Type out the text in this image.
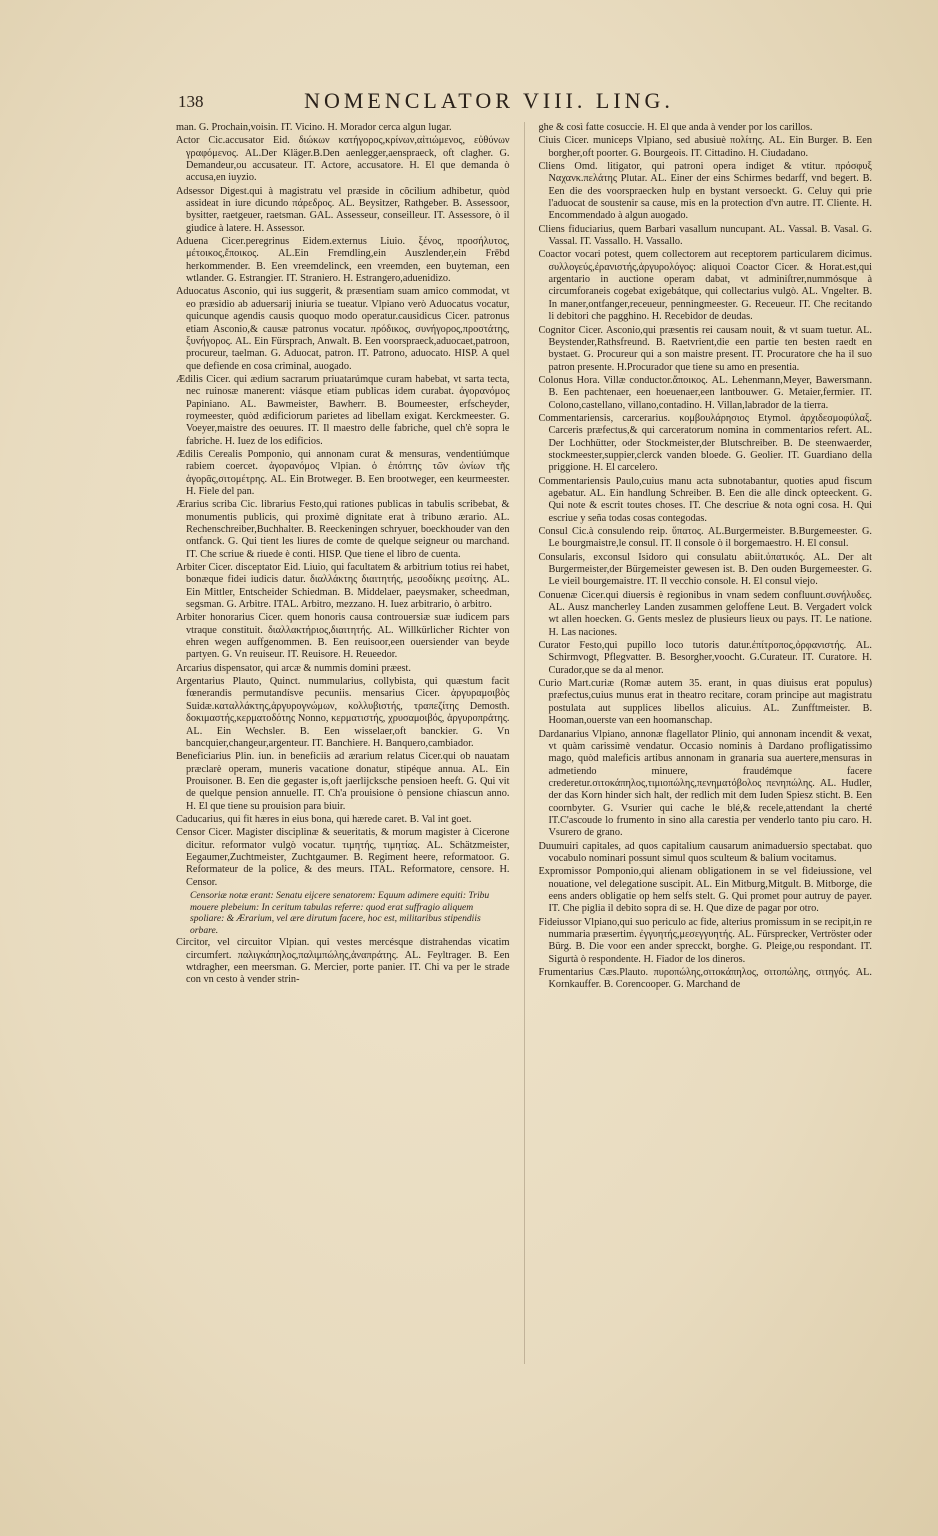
138	NOMENCLATOR VIII. LING.

man. G. Prochain,voisin. IT. Vicino. H. Morador cerca algun lugar.

Actor Cic.accusator Eid. διώκων κατήγορος,κρίνων,αἰτιώμενος, εὐθύνων γραφόμενος. AL.Der Kläger.B.Den aenlegger,aensprae​ck, oft clagher. G. Demandeur,ou accusateur. IT. Actore, accusatore. H. El que demanda ò accusa,en iuyzio.

Adsessor Digest.qui à magistratu vel præside in cõcilium adhibetur, quòd assideat in iure dicundo πάρεδρος. AL. Beysitzer, Rathgeber. B. Assessoor, bysitter, raetgeuer, raetsman. GAL. Assesseur, conseilleur. IT. Assessore, ò il giudice à latere. H. Assessor.

Aduena Cicer.peregrinus Eidem.externus Liuio. ξένος, προσήλυτος, μέτοικος,ἔποικος. AL.Ein Fremdling,ein Auszlender,ein Frēbd herkommender. B. Een vreemdelinck, een vreemden, een buyteman, een wtlander. G. Estrangier. IT. Straniero. H. Estrangero,aduenidizo.

Aduocatus Asconio, qui ius suggerit, & præsentiam suam amico commodat, vt eo præsidio ab aduersarij iniuria se tueatur. Vlpiano verò Aduocatus vocatur, quicunque agendis causis quoquo modo operatur.causidicus Cicer. patronus etiam Asconio,& causæ patronus vocatur. πρόδικος, συνήγορος,προστάτης, ξυνήγορος. AL. Ein Fürsprach, Anwalt. B. Een voorspraeck,aduocaet,patroon, procureur, taelman. G. Aduocat, patron. IT. Patrono, aduocato. HISP. A quel que defiende en cosa criminal, auogado.

Ædilis Cicer. qui ædium sacrarum priuatarúmque curam habebat, vt sarta tecta, nec ruinosæ manerent: viásque etiam publicas idem curabat. ἀγορανόμος Papiniano. AL. Bawmeister, Bawherr. B. Boumeester, erfscheyder, roymeester, quòd ædificiorum parietes ad libellam exigat. Kerckmeester. G. Voeyer,maistre des oeuures. IT. Il maestro delle fabriche, quel ch'è sopra le fabriche. H. Iuez de los edificios.

Ædilis Cerealis Pomponio, qui annonam curat & mensuras, vendentiúmque rabiem coercet. ἀγορανόμος Vlpian. ὁ ἐπόπτης τῶν ὠνίων τῆς ἀγορᾶς,σιτομέτρης. AL. Ein Brotweger. B. Een brootweger, een keurmeester. H. Fiele del pan.

Ærarius scriba Cic. librarius Festo,qui rationes publicas in tabulis scribebat, & monumentis publicis, qui proximè dignitate erat à tribuno ærario. AL. Rechenschreiber,Buchhalter. B. Reeckeningen schryuer, boeckhouder van den ontfanck. G. Qui tient les liures de comte de quelque seigneur ou marchand. IT. Che scriue & riuede è conti. HISP. Que tiene el libro de cuenta.

Arbiter Cicer. disceptator Eid. Liuio, qui facultatem & arbitrium totius rei habet, bonæque fidei iudicis datur. διαλλάκτης διαιτητής, μεσοδίκης μεσίτης. AL. Ein Mittler, Entscheider Schiedman. B. Middelaer, paeysmaker, scheedman, segsman. G. Arbitre. ITAL. Arbitro, mezzano. H. Iuez arbitrario, ò arbitro.

Arbiter honorarius Cicer. quem honoris causa controuersiæ suæ iudicem pars vtraque constituit. διαλλακτήριος,διαιτητής. AL. Willkürlicher Richter von ehren wegen auffgenommen. B. Een reuisoor,een ouersiender van beyde partyen. G. Vn reuiseur. IT. Reuisore. H. Reueedor.

Arcarius dispensator, qui arcæ & nummis domini præest.

Argentarius Plauto, Quinct. nummularius, collybista, qui quæstum facit fœnerandis permutandísve pecuniis. mensarius Cicer. ἀργυραμοιβὸς Suidæ.καταλλάκτης,ἀργυρογνώμων, κολλυβιστής, τραπεζίτης Demosth. δοκιμαστής,κερματοδότης Nonno, κερματιστής, χρυσαμοιβός, ἀργυροπράτης. AL. Ein Wechsler. B. Een wisselaer,oft banckier. G. Vn bancquier,changeur,argenteur. IT. Banchiere. H. Banquero,cambiador.

Beneficiarius Plin. iun. in beneficiis ad ærarium relatus Cicer.qui ob nauatam præclarè operam, muneris vacatione donatur, stipéque annua. AL. Ein Prouisoner. B. Een die gegaster is,oft jaerlijcksche pensioen heeft. G. Qui vit de quelque pension annuelle. IT. Ch'a prouisione ò pensione chiascun anno. H. El que tiene su prouision para biuir.

Caducarius, qui fit hæres in eius bona, qui hærede caret. B. Val int goet.

Censor Cicer. Magister disciplinæ & seueritatis, & morum magister à Cicerone dicitur. reformator vulgò vocatur. τιμητής, τιμητίας. AL. Schätzmeister, Eegaumer,Zuchtmeister, Zuchtgaumer. B. Regiment heere, reformatoor. G. Reformateur de la police, & des meurs. ITAL. Reformatore, censore. H. Censor.

Censoriæ notæ erant: Senatu eijcere senatorem: Equum adimere equiti: Tribu mouere plebeium: In ceritum tabulas referre: quod erat suffragio aliquem spoliare: & Ærarium, vel ære dirutum facere, hoc est, militaribus stipendiis orbare.

Circitor, vel circuitor Vlpian. qui vestes mercésque distrahendas vicatim circumfert. παλιγκάπηλος,παλιμπώλης,ἀναπράτης. AL. Feyltrager. B. Een wtdragher, een meersman. G. Mercier, porte panier. IT. Chi va per le strade con vn cesto à vender strin-

ghe & così fatte cosuccie. H. El que anda à vender por los carillos.

Ciuis Cicer. municeps Vlpiano, sed abusiuè πολίτης. AL. Ein Burger. B. Een borgher,oft poorter. G. Bourgeois. IT. Cittadino. H. Ciudadano.

Cliens Omd. litigator, qui patroni opera indiget & vtitur. πρόσφυξ Ναχανκ.πελάτης Plutar. AL. Einer der eins Schirmes bedarff, vnd begert. B. Een die des voorspraecken hulp en bystant versoeckt. G. Celuy qui prie l'aduocat de soustenir sa cause, mis en la protection d'vn autre. IT. Cliente. H. Encommendado à algun auogado.

Cliens fiduciarius, quem Barbari vasallum nuncupant. AL. Vassal. B. Vasal. G. Vassal. IT. Vassallo. H. Vassallo.

Coactor vocari potest, quem collectorem aut receptorem particularem dicimus. συλλογεύς,ἐρανιστής,ἀργυρολόγος: aliquoi Coactor Cicer. & Horat.est,qui argentario in auctione operam dabat, vt adminiſtrer,nummósque à circumforaneis cogebat exigebátque, qui collectarius vulgò. AL. Vngelter. B. In maner,ontfanger,receueur, penningmeester. G. Receueur. IT. Che recitando li debitori che pagghino. H. Recebidor de deudas.

Cognitor Cicer. Asconio,qui præsentis rei causam nouit, & vt suam tuetur. AL. Beystender,Rathsfreund. B. Raetvrient,die een partie ten besten raedt en bystaet. G. Procureur qui a son maistre present. IT. Procuratore che ha il suo patron presente. H.Procurador que tiene su amo en presentia.

Colonus Hora. Villæ conductor.ἄποικος. AL. Lehenmann,Meyer, Bawersmann. B. Een pachtenaer, een hoeuenaer,een lantbouwer. G. Metaier,fermier. IT. Colono,castellano, villano,contadino. H. Villan,labrador de la tierra.

Commentariensis, carcerarius. κομβουλάρησιος Etymol. ἀρχιδεσμοφύλαξ. Carceris præfectus,& qui carceratorum nomina in commentarios refert. AL. Der Lochhütter, oder Stockmeister,der Blutschreiber. B. De steenwaerder, stockmeester,suppier,clerck vanden bloede. G. Geolier. IT. Guardiano della priggione. H. El carcelero.

Commentariensis Paulo,cuius manu acta subnotabantur, quoties apud fiscum agebatur. AL. Ein handlung Schreiber. B. Een die alle dinck opteeckent. G. Qui note & escrit toutes choses. IT. Che descriue & nota ogni cosa. H. Qui escriue y seña todas cosas contegodas.

Consul Cic.à consulendo reip. ὕπατος. AL.Burgermeister. B.Burgemeester. G. Le bourgmaistre,le consul. IT. Il console ò il borgemaestro. H. El consul.

Consularis, exconsul Isidoro qui consulatu abiit.ὑπατικός. AL. Der alt Burgermeister,der Bürgemeister gewesen ist. B. Den ouden Burgemeester. G. Le vieil bourgemaistre. IT. Il vecchio console. H. El consul viejo.

Conuenæ Cicer.qui diuersis è regionibus in vnam sedem confluunt.συνήλυδες. AL. Ausz mancherley Landen zusammen geloffene Leut. B. Vergadert volck wt allen hoecken. G. Gents meslez de plusieurs lieux ou pays. IT. Le natione. H. Las naciones.

Curator Festo,qui pupillo loco tutoris datur.ἐπίτροπος,ὀρφανιστής. AL. Schirmvogt, Pflegvatter. B. Besorgher,voocht. G.Curateur. IT. Curatore. H. Curador,que se da al menor.

Curio Mart.curiæ (Romæ autem 35. erant, in quas diuisus erat populus) præfectus,cuius munus erat in theatro recitare, coram principe aut magistratu postulata aut supplices libellos alicuius. AL. Zunfftmeister. B. Hooman,ouerste van een hoomanschap.

Dardanarius Vlpiano, annonæ flagellator Plinio, qui annonam incendit & vexat, vt quàm carissimè vendatur. Occasio nominis à Dardano profligatissimo mago, quòd maleficis artibus annonam in granaria sua auertere,mensuras in admetiendo minuere, fraudémque facere crederetur.σιτοκάπηλος,τιμιοπώλης,πενηματόβολος πενηπώλης. AL. Hudler, der das Korn hinder sich halt, der redlich mit dem Iuden Spiesz sticht. B. Een coornbyter. G. Vsurier qui cache le blé,& recele,attendant la cherté IT.C'ascoude lo frumento in sino alla carestia per venderlo tanto piu caro. H. Vsurero de grano.

Duumuiri capitales, ad quos capitalium causarum animaduersio spectabat. quo vocabulo nominari possunt simul quos sculteum & balium vocitamus.

Expromissor Pomponio,qui alienam obligationem in se vel fideiussione, vel nouatione, vel delegatione suscipit. AL. Ein Mitburg,Mitgult. B. Mitborge, die eens anders obligatie op hem selfs stelt. G. Qui promet pour autruy de payer. IT. Che piglia il debito sopra di se. H. Que dize de pagar por otro.

Fideiussor Vlpiano,qui suo periculo ac fide, alterius promissum in se recipit,in re nummaria præsertim. ἐγγυητής,μεσεγγυητής. AL. Fürsprecker, Vertröster oder Bürg. B. Die voor een ander sprecckt, borghe. G. Pleige,ou respondant. IT. Sigurtà ò respondente. H. Fiador de los dineros.

Frumentarius Cæs.Plauto. πυροπώλης,σιτοκάπηλος, σιτοπώλης, σιτηγός. AL. Kornkauffer. B. Corencooper. G. Marchand de
